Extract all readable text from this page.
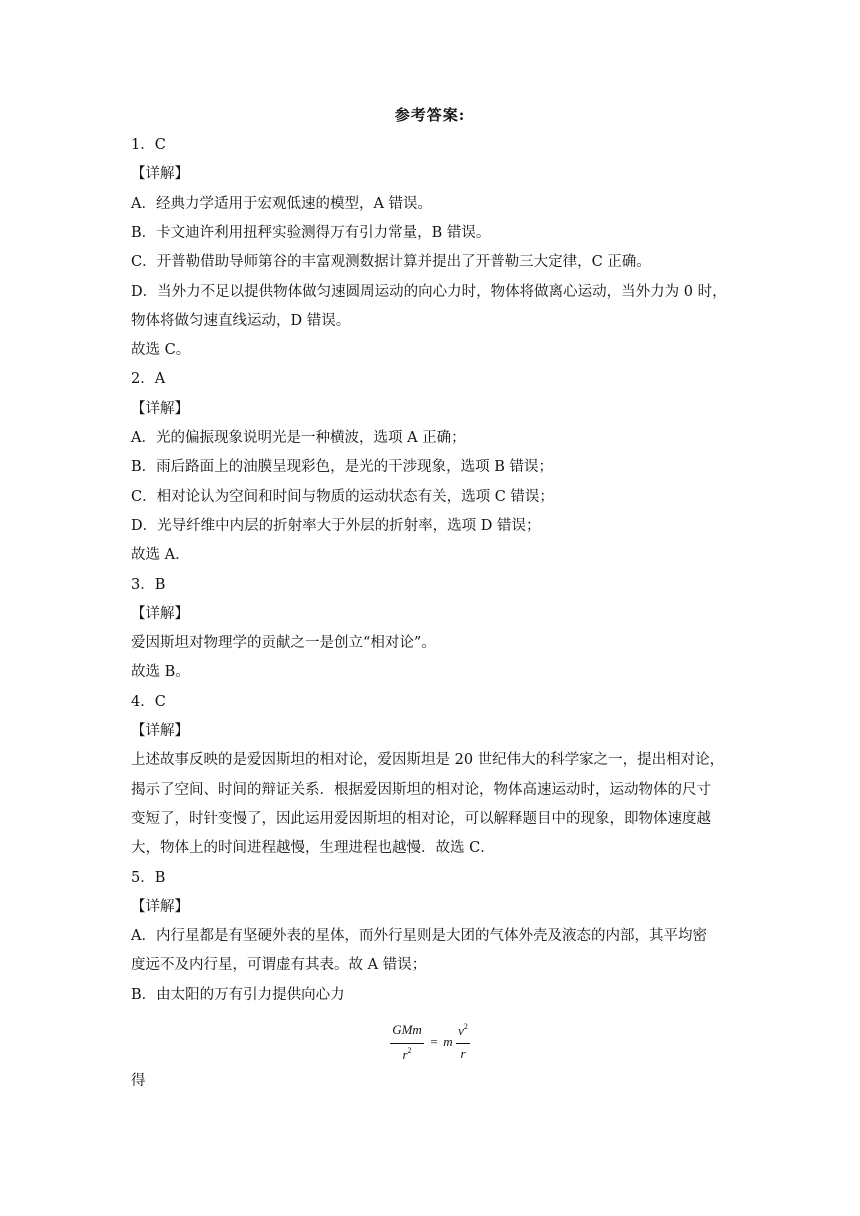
参考答案:
1．C
【详解】
A．经典力学适用于宏观低速的模型，A 错误。
B．卡文迪许利用扭秤实验测得万有引力常量，B 错误。
C．开普勒借助导师第谷的丰富观测数据计算并提出了开普勒三大定律，C 正确。
D．当外力不足以提供物体做匀速圆周运动的向心力时，物体将做离心运动，当外力为 0 时，
物体将做匀速直线运动，D 错误。
故选 C。
2．A
【详解】
A．光的偏振现象说明光是一种横波，选项 A 正确；
B．雨后路面上的油膜呈现彩色，是光的干涉现象，选项 B 错误；
C．相对论认为空间和时间与物质的运动状态有关，选项 C 错误；
D．光导纤维中内层的折射率大于外层的折射率，选项 D 错误；
故选 A．
3．B
【详解】
爱因斯坦对物理学的贡献之一是创立“相对论”。
故选 B。
4．C
【详解】
上述故事反映的是爱因斯坦的相对论，爱因斯坦是 20 世纪伟大的科学家之一，提出相对论，
揭示了空间、时间的辩证关系．根据爱因斯坦的相对论，物体高速运动时，运动物体的尺寸
变短了，时针变慢了，因此运用爱因斯坦的相对论，可以解释题目中的现象，即物体速度越
大，物体上的时间进程越慢，生理进程也越慢．故选 C．
5．B
【详解】
A．内行星都是有坚硬外表的星体，而外行星则是大团的气体外壳及液态的内部，其平均密
度远不及内行星，可谓虚有其表。故 A 错误；
B．由太阳的万有引力提供向心力
GMm
$r^2$
= m
$v^2$
r
得
